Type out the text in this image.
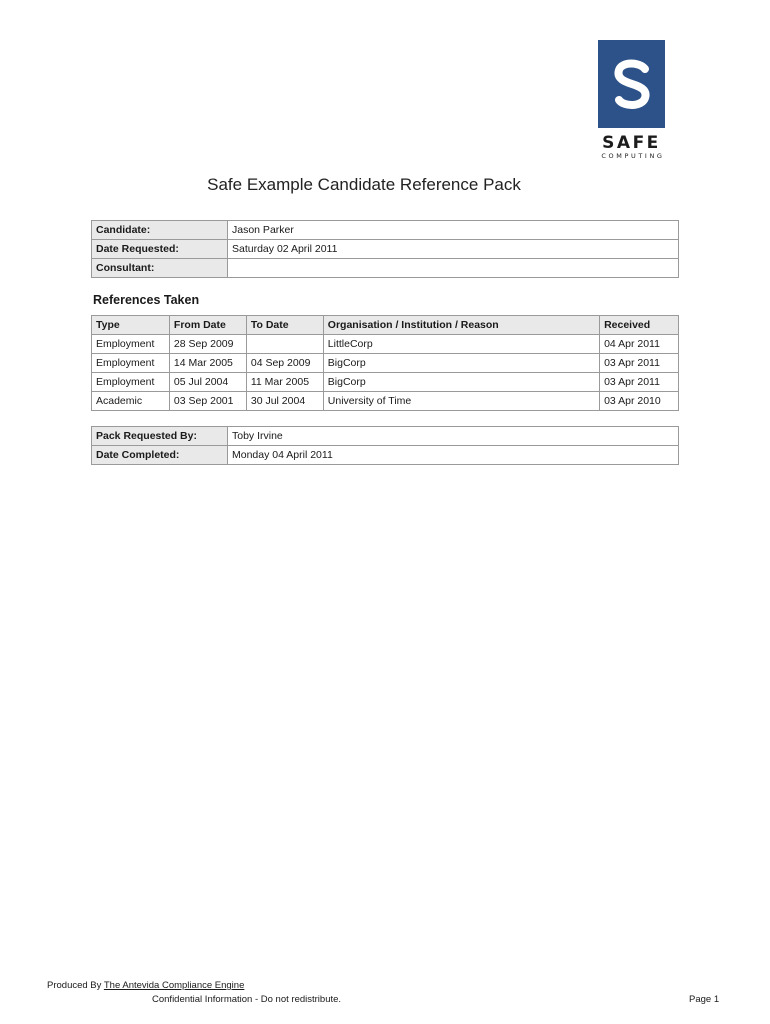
SAFE
COMPUTING
Safe Example Candidate Reference Pack
Candidate:	Jason Parker
Date Requested:	Saturday 02 April 2011
Consultant:	
References Taken
Type	From Date	To Date	Organisation / Institution / Reason	Received
Employment	28 Sep 2009		LittleCorp	04 Apr 2011
Employment	14 Mar 2005	04 Sep 2009	BigCorp	03 Apr 2011
Employment	05 Jul 2004	11 Mar 2005	BigCorp	03 Apr 2011
Academic	03 Sep 2001	30 Jul 2004	University of Time	03 Apr 2010
Pack Requested By:	Toby Irvine
Date Completed:	Monday 04 April 2011
Produced By The Antevida Compliance Engine
Confidential Information - Do not redistribute.	Page 1
